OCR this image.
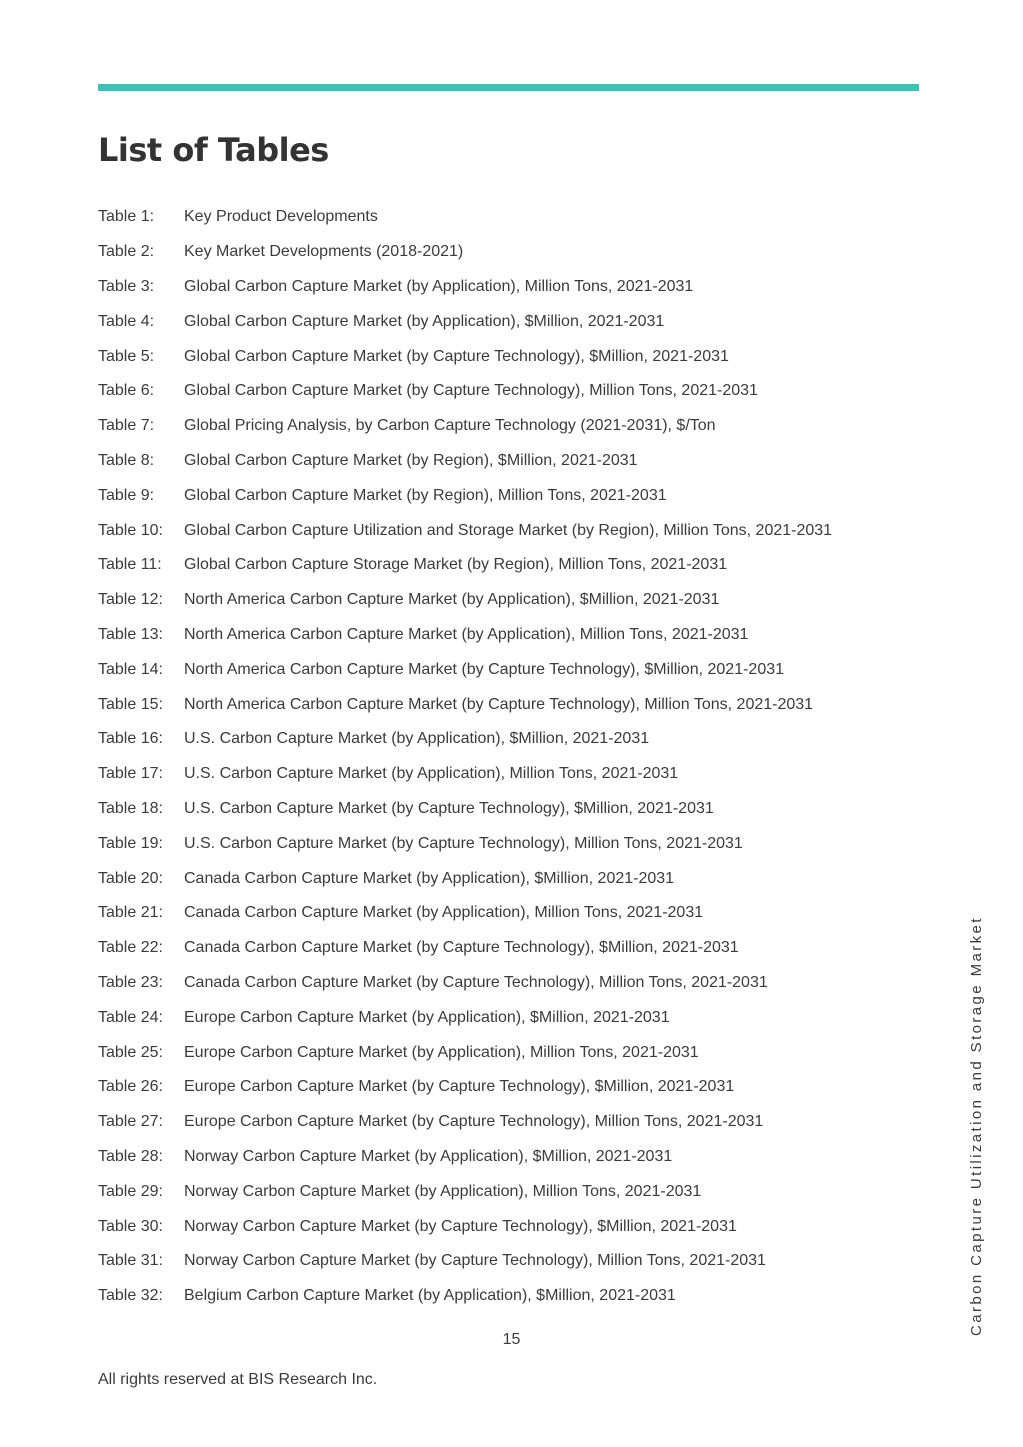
List of Tables
Table 1:	Key Product Developments
Table 2:	Key Market Developments (2018-2021)
Table 3:	Global Carbon Capture Market (by Application), Million Tons, 2021-2031
Table 4:	Global Carbon Capture Market (by Application), $Million, 2021-2031
Table 5:	Global Carbon Capture Market (by Capture Technology), $Million, 2021-2031
Table 6:	Global Carbon Capture Market (by Capture Technology), Million Tons, 2021-2031
Table 7:	Global Pricing Analysis, by Carbon Capture Technology (2021-2031), $/Ton
Table 8:	Global Carbon Capture Market (by Region), $Million, 2021-2031
Table 9:	Global Carbon Capture Market (by Region), Million Tons, 2021-2031
Table 10:	Global Carbon Capture Utilization and Storage Market (by Region), Million Tons, 2021-2031
Table 11:	Global Carbon Capture Storage Market (by Region), Million Tons, 2021-2031
Table 12:	North America Carbon Capture Market (by Application), $Million, 2021-2031
Table 13:	North America Carbon Capture Market (by Application), Million Tons, 2021-2031
Table 14:	North America Carbon Capture Market (by Capture Technology), $Million, 2021-2031
Table 15:	North America Carbon Capture Market (by Capture Technology), Million Tons, 2021-2031
Table 16:	U.S. Carbon Capture Market (by Application), $Million, 2021-2031
Table 17:	U.S. Carbon Capture Market (by Application), Million Tons, 2021-2031
Table 18:	U.S. Carbon Capture Market (by Capture Technology), $Million, 2021-2031
Table 19:	U.S. Carbon Capture Market (by Capture Technology), Million Tons, 2021-2031
Table 20:	Canada Carbon Capture Market (by Application), $Million, 2021-2031
Table 21:	Canada Carbon Capture Market (by Application), Million Tons, 2021-2031
Table 22:	Canada Carbon Capture Market (by Capture Technology), $Million, 2021-2031
Table 23:	Canada Carbon Capture Market (by Capture Technology), Million Tons, 2021-2031
Table 24:	Europe Carbon Capture Market (by Application), $Million, 2021-2031
Table 25:	Europe Carbon Capture Market (by Application), Million Tons, 2021-2031
Table 26:	Europe Carbon Capture Market (by Capture Technology), $Million, 2021-2031
Table 27:	Europe Carbon Capture Market (by Capture Technology), Million Tons, 2021-2031
Table 28:	Norway Carbon Capture Market (by Application), $Million, 2021-2031
Table 29:	Norway Carbon Capture Market (by Application), Million Tons, 2021-2031
Table 30:	Norway Carbon Capture Market (by Capture Technology), $Million, 2021-2031
Table 31:	Norway Carbon Capture Market (by Capture Technology), Million Tons, 2021-2031
Table 32:	Belgium Carbon Capture Market (by Application), $Million, 2021-2031
15
All rights reserved at BIS Research Inc.
Carbon Capture Utilization and Storage Market
